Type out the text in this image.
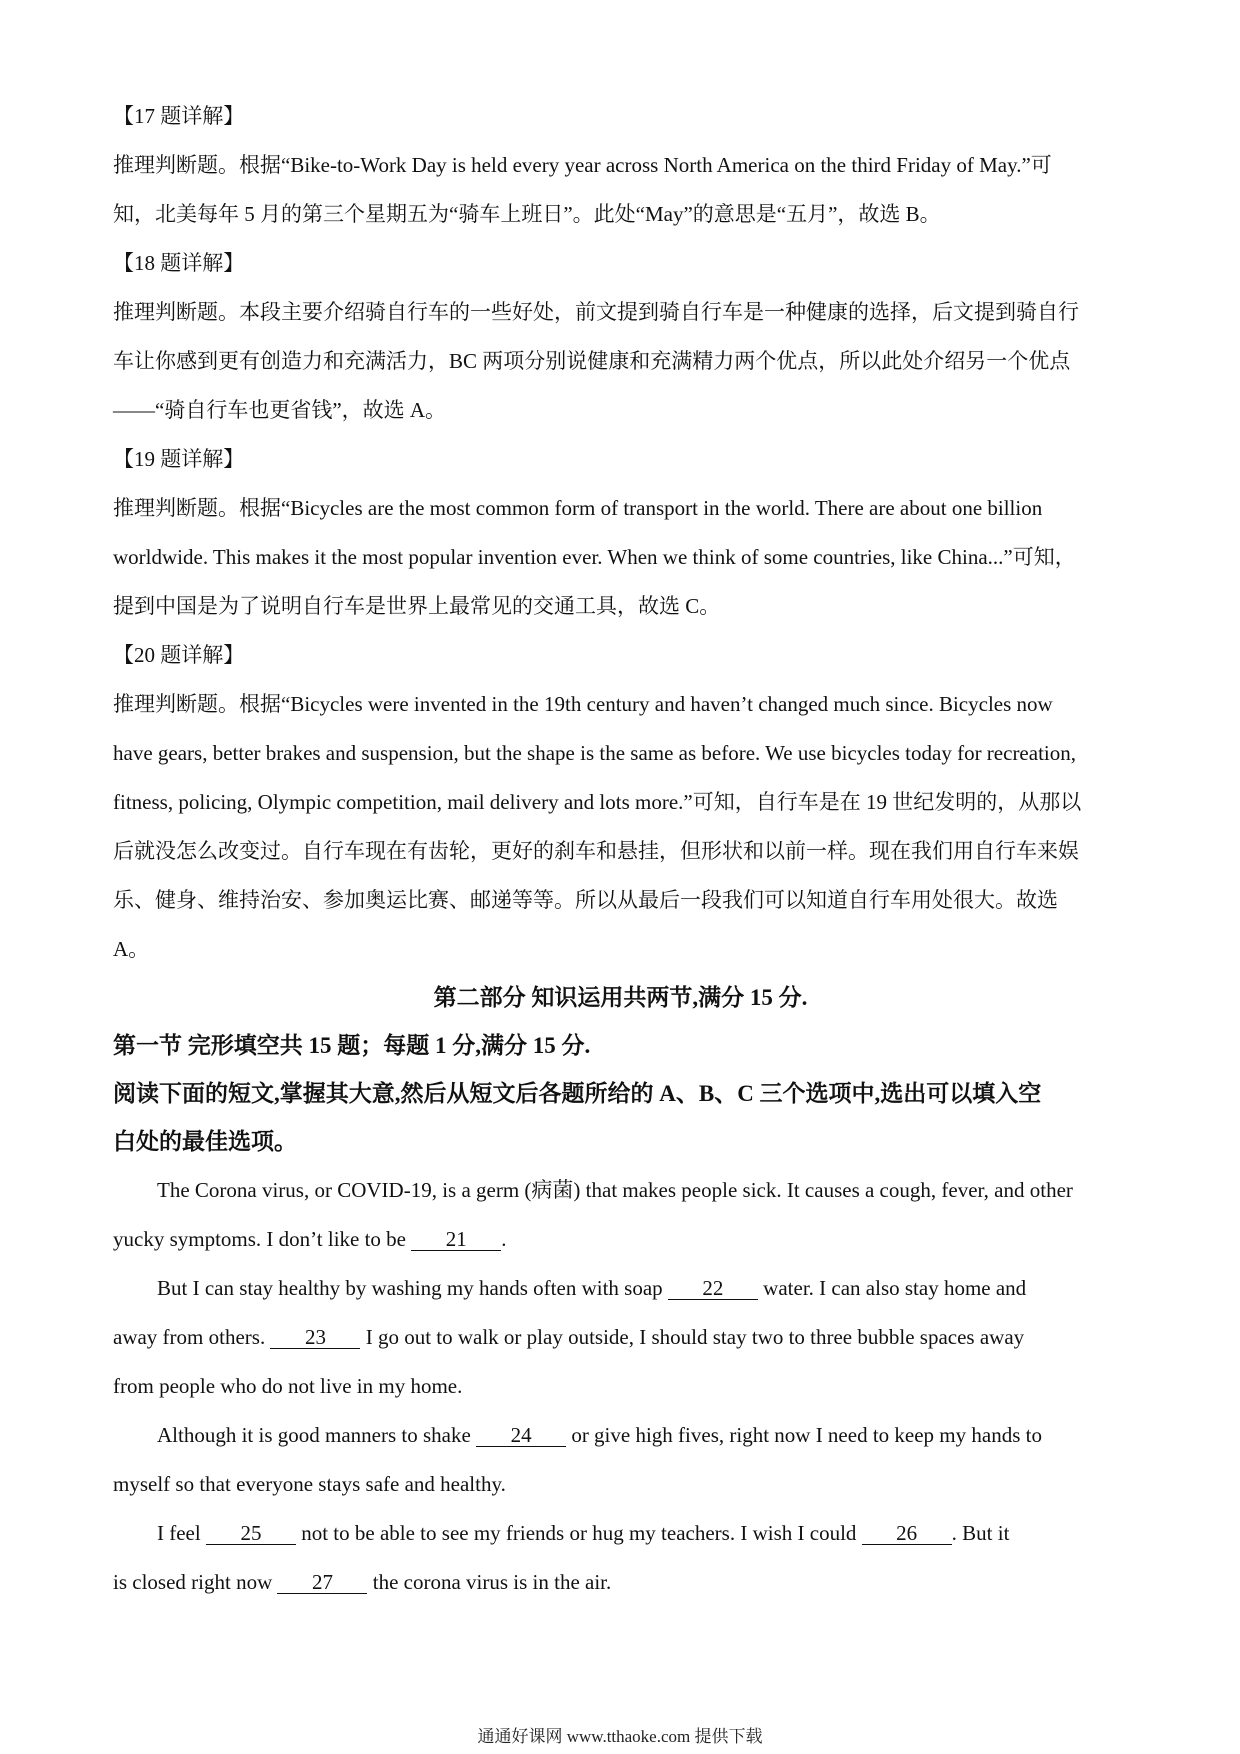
【17 题详解】
推理判断题。根据“Bike-to-Work Day is held every year across North America on the third Friday of May.”可
知，北美每年 5 月的第三个星期五为“骑车上班日”。此处“May”的意思是“五月”，故选 B。
【18 题详解】
推理判断题。本段主要介绍骑自行车的一些好处，前文提到骑自行车是一种健康的选择，后文提到骑自行
车让你感到更有创造力和充满活力，BC 两项分别说健康和充满精力两个优点，所以此处介绍另一个优点
——“骑自行车也更省钱”，故选 A。
【19 题详解】
推理判断题。根据“Bicycles are the most common form of transport in the world. There are about one billion
worldwide. This makes it the most popular invention ever. When we think of some countries, like China...”可知，
提到中国是为了说明自行车是世界上最常见的交通工具，故选 C。
【20 题详解】
推理判断题。根据“Bicycles were invented in the 19th century and haven’t changed much since. Bicycles now
have gears, better brakes and suspension, but the shape is the same as before. We use bicycles today for recreation,
fitness, policing, Olympic competition, mail delivery and lots more.”可知，自行车是在 19 世纪发明的，从那以
后就没怎么改变过。自行车现在有齿轮，更好的刹车和悬挂，但形状和以前一样。现在我们用自行车来娱
乐、健身、维持治安、参加奥运比赛、邮递等等。所以从最后一段我们可以知道自行车用处很大。故选
A。
第二部分 知识运用共两节,满分 15 分.
第一节 完形填空共 15 题；每题 1 分,满分 15 分.
阅读下面的短文,掌握其大意,然后从短文后各题所给的 A、B、C 三个选项中,选出可以填入空
白处的最佳选项。
The Corona virus, or COVID-19, is a germ (病菌) that makes people sick. It causes a cough, fever, and other
yucky symptoms. I don’t like to be 21 .
But I can stay healthy by washing my hands often with soap 22 water. I can also stay home and
away from others. 23 I go out to walk or play outside, I should stay two to three bubble spaces away
from people who do not live in my home.
Although it is good manners to shake 24 or give high fives, right now I need to keep my hands to
myself so that everyone stays safe and healthy.
I feel 25 not to be able to see my friends or hug my teachers. I wish I could 26 . But it
is closed right now 27 the corona virus is in the air.
通通好课网 www.tthaoke.com 提供下载
